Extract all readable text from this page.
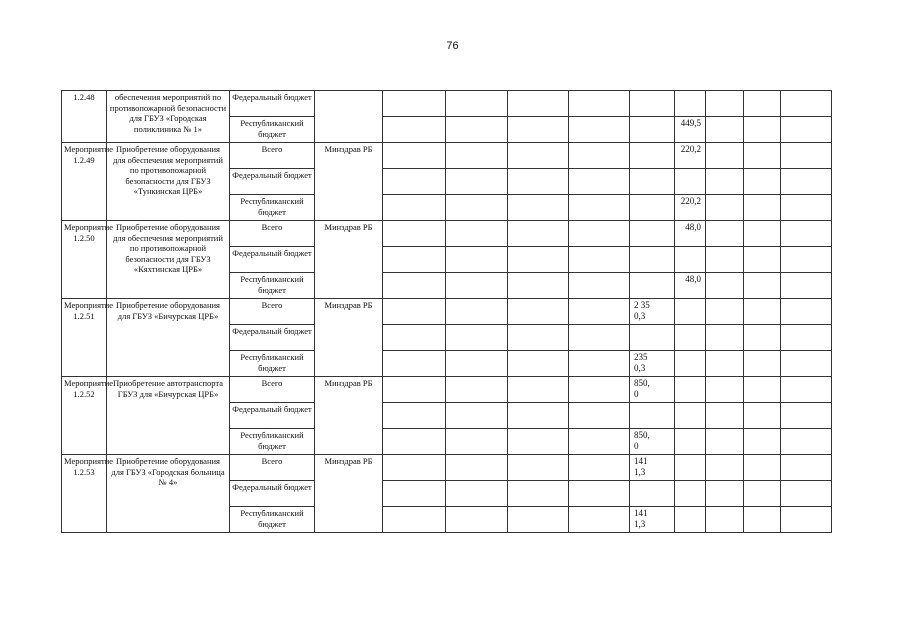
76
1.2.48	обеспечения мероприятий по противопожарной безопасности для ГБУЗ «Городская поликлиника № 1»	Федеральный бюджет										
		Республиканский бюджет							449,5			
Мероприятие 1.2.49	Приобретение оборудования для обеспечения мероприятий по противопожарной безопасности для ГБУЗ «Тункинская ЦРБ»	Всего	Минздрав РБ						220,2			
		Федеральный бюджет										
		Республиканский бюджет							220,2			
Мероприятие 1.2.50	Приобретение оборудования для обеспечения мероприятий по противопожарной безопасности для ГБУЗ «Кяхтинская ЦРБ»	Всего	Минздрав РБ						48,0			
		Федеральный бюджет										
		Республиканский бюджет							48,0			
Мероприятие 1.2.51	Приобретение оборудования для ГБУЗ «Бичурская ЦРБ»	Всего	Минздрав РБ					2 35
0,3				
		Федеральный бюджет										
		Республиканский бюджет						235
0,3				
Мероприятие 1.2.52	Приобретение автотранспорта ГБУЗ для «Бичурская ЦРБ»	Всего	Минздрав РБ					850,
0				
		Федеральный бюджет										
		Республиканский бюджет						850,
0				
Мероприятие 1.2.53	Приобретение оборудования для ГБУЗ «Городская больница № 4»	Всего	Минздрав РБ					141
1,3				
		Федеральный бюджет										
		Республиканский бюджет						141
1,3				
